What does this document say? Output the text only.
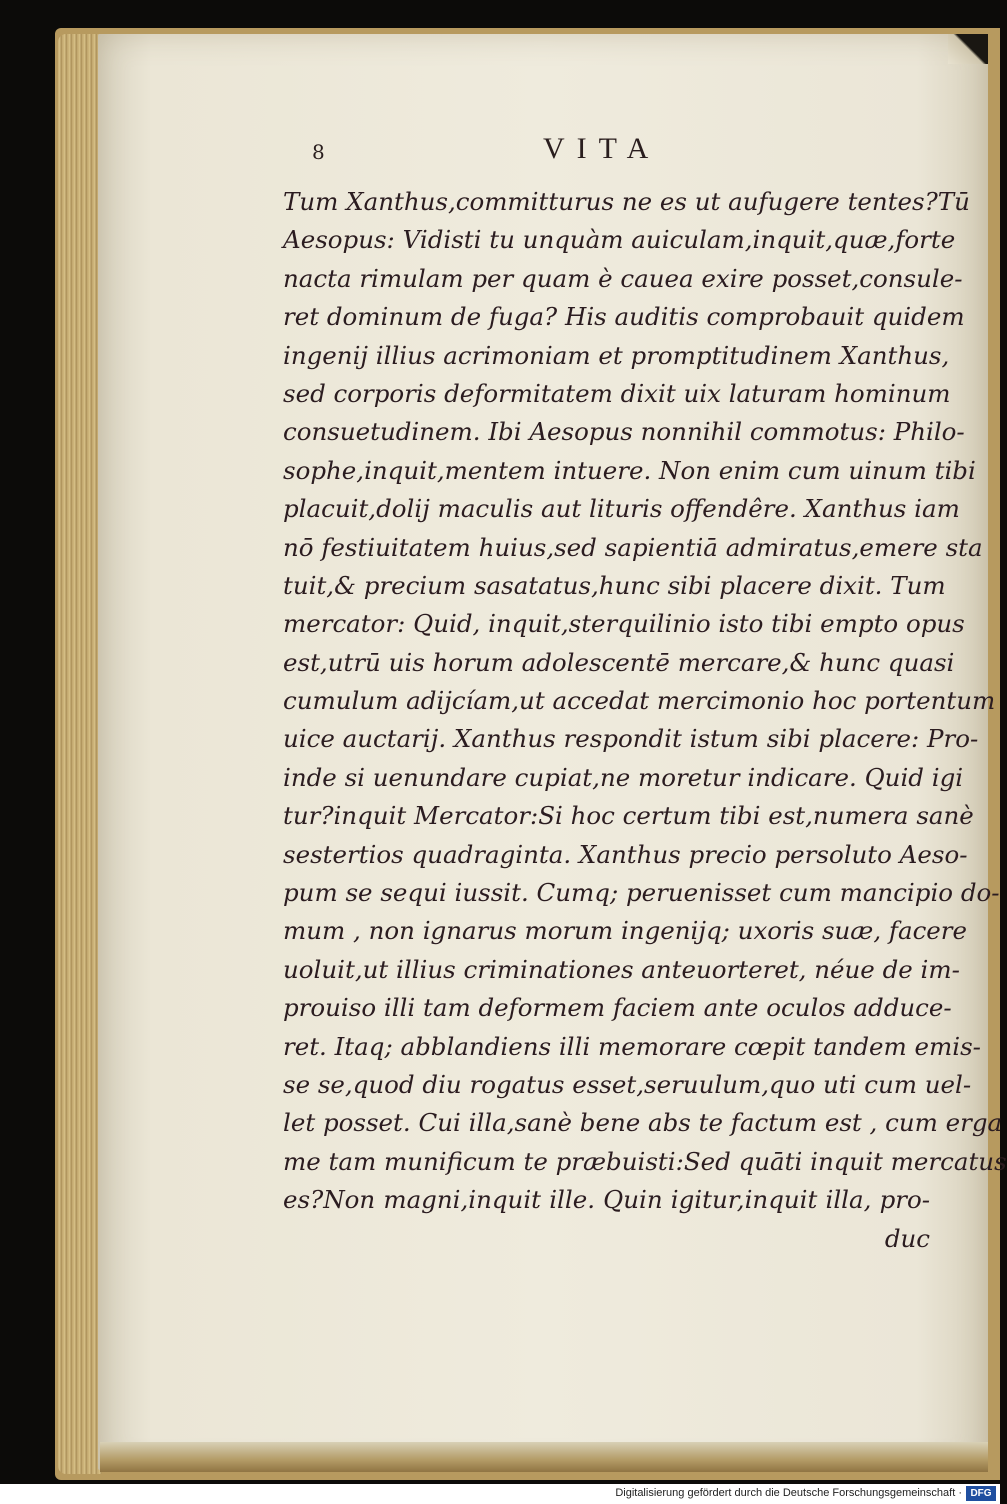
8	VITA
Tum Xanthus,committurus ne es ut aufugere tentes?Tū
Aesopus: Vidisti tu unquàm auiculam,inquit,quæ,forte
nacta rimulam per quam è cauea exire posset,consule-
ret dominum de fuga? His auditis comprobauit quidem
ingenij illius acrimoniam et promptitudinem Xanthus,
sed corporis deformitatem dixit uix laturam hominum
consuetudinem. Ibi Aesopus nonnihil commotus: Philo-
sophe,inquit,mentem intuere. Non enim cum uinum tibi
placuit,dolij maculis aut lituris offendêre. Xanthus iam
nō festiuitatem huius,sed sapientiā admiratus,emere sta
tuit,& precium sasatatus,hunc sibi placere dixit. Tum
mercator: Quid, inquit,sterquilinio isto tibi empto opus
est,utrū uis horum adolescentē mercare,& hunc quasi
cumulum adijcíam,ut accedat mercimonio hoc portentum
uice auctarij. Xanthus respondit istum sibi placere: Pro-
inde si uenundare cupiat,ne moretur indicare. Quid igi
tur?inquit Mercator:Si hoc certum tibi est,numera sanè
sestertios quadraginta. Xanthus precio persoluto Aeso-
pum se sequi iussit. Cumq; peruenisset cum mancipio do-
mum , non ignarus morum ingenijq; uxoris suæ, facere
uoluit,ut illius criminationes anteuorteret, néue de im-
prouiso illi tam deformem faciem ante oculos adduce-
ret. Itaq; abblandiens illi memorare cœpit tandem emis-
se se,quod diu rogatus esset,seruulum,quo uti cum uel-
let posset. Cui illa,sanè bene abs te factum est , cum erga
me tam munificum te præbuisti:Sed quāti inquit mercatus
es?Non magni,inquit ille. Quin igitur,inquit illa, pro-
duc
Digitalisierung gefördert durch die Deutsche Forschungsgemeinschaft · DFG
